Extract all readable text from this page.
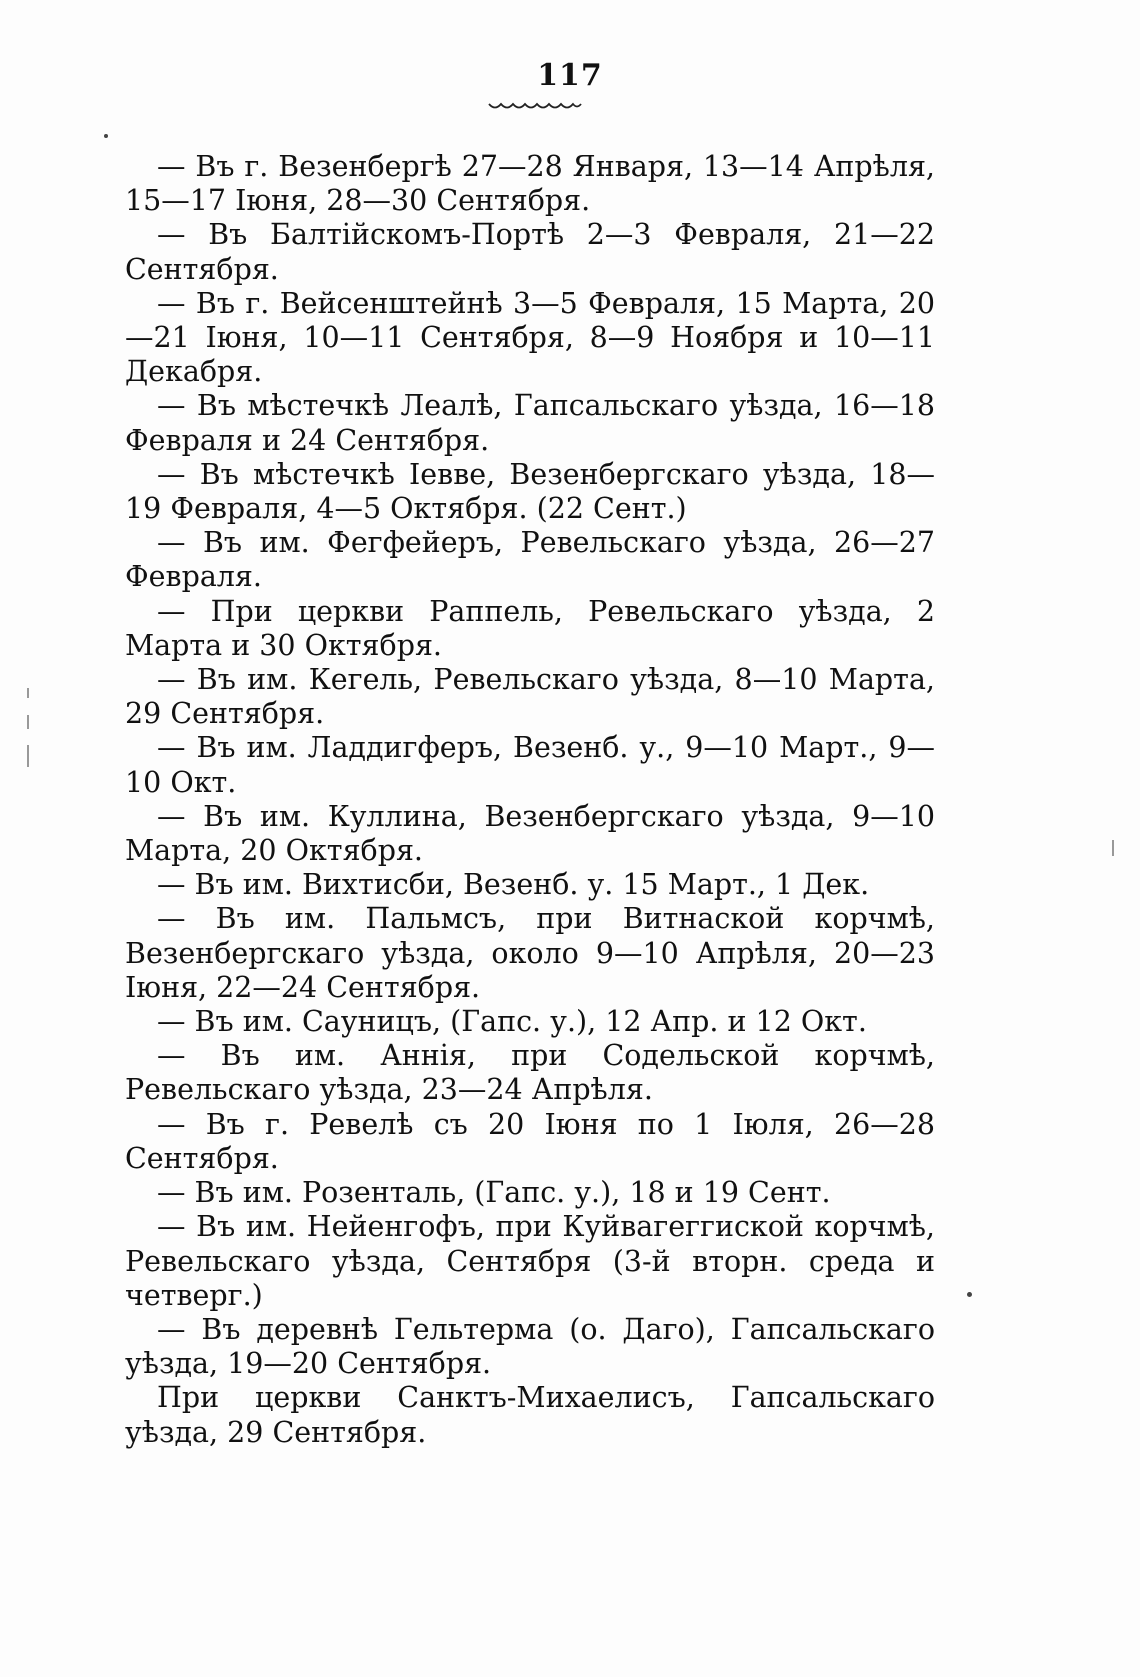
117

— Въ г. Везенбергѣ 27—28 Января, 13—14 Апрѣля, 15—17 Іюня, 28—30 Сентября.

— Въ Балтійскомъ-Портѣ 2—3 Февраля, 21—22 Сентября.

— Въ г. Вейсенштейнѣ 3—5 Февраля, 15 Марта, 20—21 Іюня, 10—11 Сентября, 8—9 Ноября и 10—11 Декабря.

— Въ мѣстечкѣ Леалѣ, Гапсальскаго уѣзда, 16—18 Февраля и 24 Сентября.

— Въ мѣстечкѣ Іевве, Везенбергскаго уѣзда, 18—19 Февраля, 4—5 Октября. (22 Сент.)

— Въ им. Фегфейеръ, Ревельскаго уѣзда, 26—27 Февраля.

— При церкви Раппель, Ревельскаго уѣзда, 2 Марта и 30 Октября.

— Въ им. Кегель, Ревельскаго уѣзда, 8—10 Марта, 29 Сентября.

— Въ им. Ладдигферъ, Везенб. у., 9—10 Март., 9—10 Окт.

— Въ им. Куллина, Везенбергскаго уѣзда, 9—10 Марта, 20 Октября.

— Въ им. Вихтисби, Везенб. у. 15 Март., 1 Дек.

— Въ им. Пальмсъ, при Витнаской корчмѣ, Везенбергскаго уѣзда, около 9—10 Апрѣля, 20—23 Іюня, 22—24 Сентября.

— Въ им. Сауницъ, (Гапс. у.), 12 Апр. и 12 Окт.

— Въ им. Аннія, при Содельской корчмѣ, Ревельскаго уѣзда, 23—24 Апрѣля.

— Въ г. Ревелѣ съ 20 Іюня по 1 Іюля, 26—28 Сентября.

— Въ им. Розенталь, (Гапс. у.), 18 и 19 Сент.

— Въ им. Нейенгофъ, при Куйвагеггиской корчмѣ, Ревельскаго уѣзда, Сентября (3-й вторн. среда и четверг.)

— Въ деревнѣ Гельтерма (о. Даго), Гапсальскаго уѣзда, 19—20 Сентября.

При церкви Санктъ-Михаелисъ, Гапсальскаго уѣзда, 29 Сентября.
